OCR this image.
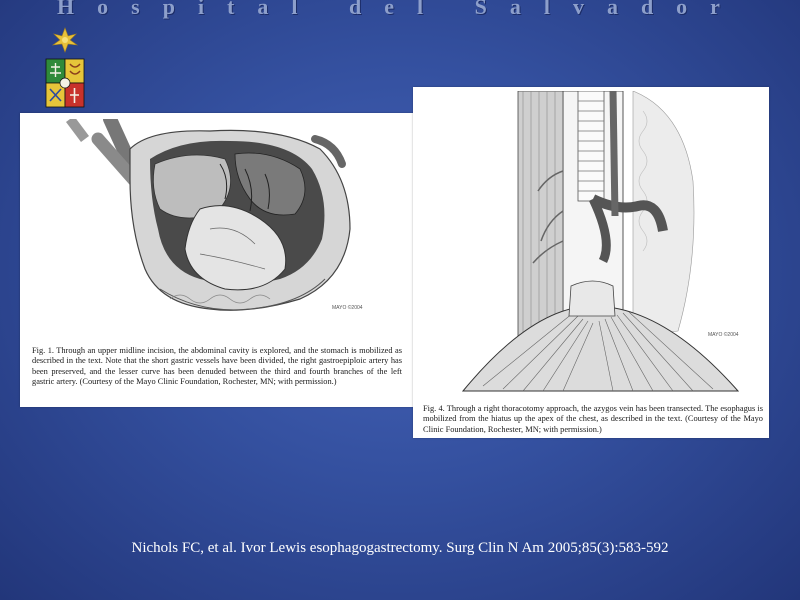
Hospital del Salvador
MAYO ©2004
Fig. 1. Through an upper midline incision, the abdominal cavity is explored, and the stomach is mobilized as described in the text. Note that the short gastric vessels have been divided, the right gastroepiploic artery has been preserved, and the lesser curve has been denuded between the third and fourth branches of the left gastric artery. (Courtesy of the Mayo Clinic Foundation, Rochester, MN; with permission.)
MAYO ©2004
Fig. 4. Through a right thoracotomy approach, the azygos vein has been transected. The esophagus is mobilized from the hiatus up the apex of the chest, as described in the text. (Courtesy of the Mayo Clinic Foundation, Rochester, MN; with permission.)
Nichols FC, et al. Ivor Lewis esophagogastrectomy. Surg Clin N Am 2005;85(3):583-592
